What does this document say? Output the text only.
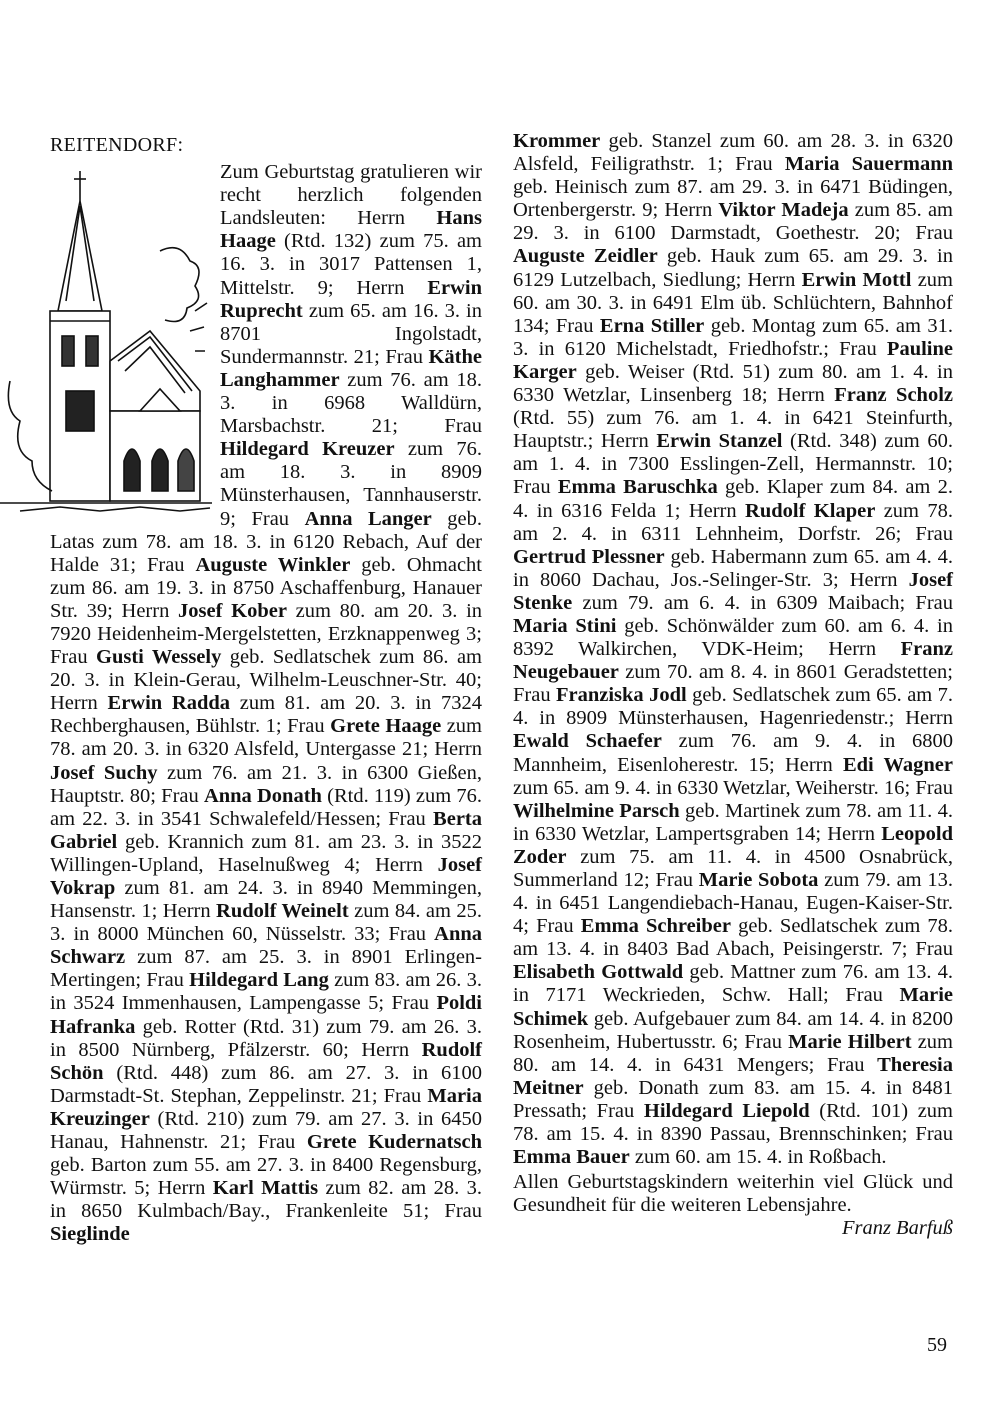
REITENDORF:

Zum Geburtstag gratulieren wir recht herzlich folgenden Landsleuten: Herrn Hans Haage (Rtd. 132) zum 75. am 16. 3. in 3017 Pattensen 1, Mittelstr. 9; Herrn Erwin Ruprecht zum 65. am 16. 3. in 8701 Ingolstadt, Sundermannstr. 21; Frau Käthe Langhammer zum 76. am 18. 3. in 6968 Walldürn, Marsbachstr. 21; Frau Hildegard Kreuzer zum 76. am 18. 3. in 8909 Münsterhausen, Tannhauserstr. 9; Frau Anna Langer geb. Latas zum 78. am 18. 3. in 6120 Rebach, Auf der Halde 31; Frau Auguste Winkler geb. Ohmacht zum 86. am 19. 3. in 8750 Aschaffenburg, Hanauer Str. 39; Herrn Josef Kober zum 80. am 20. 3. in 7920 Heidenheim-Mergelstetten, Erzknappenweg 3; Frau Gusti Wessely geb. Sedlatschek zum 86. am 20. 3. in Klein-Gerau, Wilhelm-Leuschner-Str. 40; Herrn Erwin Radda zum 81. am 20. 3. in 7324 Rechberghausen, Bühlstr. 1; Frau Grete Haage zum 78. am 20. 3. in 6320 Alsfeld, Untergasse 21; Herrn Josef Suchy zum 76. am 21. 3. in 6300 Gießen, Hauptstr. 80; Frau Anna Donath (Rtd. 119) zum 76. am 22. 3. in 3541 Schwalefeld/Hessen; Frau Berta Gabriel geb. Krannich zum 81. am 23. 3. in 3522 Willingen-Upland, Haselnußweg 4; Herrn Josef Vokrap zum 81. am 24. 3. in 8940 Memmingen, Hansenstr. 1; Herrn Rudolf Weinelt zum 84. am 25. 3. in 8000 München 60, Nüsselstr. 33; Frau Anna Schwarz zum 87. am 25. 3. in 8901 Erlingen-Mertingen; Frau Hildegard Lang zum 83. am 26. 3. in 3524 Immenhausen, Lampengasse 5; Frau Poldi Hafranka geb. Rotter (Rtd. 31) zum 79. am 26. 3. in 8500 Nürnberg, Pfälzerstr. 60; Herrn Rudolf Schön (Rtd. 448) zum 86. am 27. 3. in 6100 Darmstadt-St. Stephan, Zeppelinstr. 21; Frau Maria Kreuzinger (Rtd. 210) zum 79. am 27. 3. in 6450 Hanau, Hahnenstr. 21; Frau Grete Kudernatsch geb. Barton zum 55. am 27. 3. in 8400 Regensburg, Würmstr. 5; Herrn Karl Mattis zum 82. am 28. 3. in 8650 Kulmbach/Bay., Frankenleite 51; Frau Sieglinde

Krommer geb. Stanzel zum 60. am 28. 3. in 6320 Alsfeld, Feiligrathstr. 1; Frau Maria Sauermann geb. Heinisch zum 87. am 29. 3. in 6471 Büdingen, Ortenbergerstr. 9; Herrn Viktor Madeja zum 85. am 29. 3. in 6100 Darmstadt, Goethestr. 20; Frau Auguste Zeidler geb. Hauk zum 65. am 29. 3. in 6129 Lutzelbach, Siedlung; Herrn Erwin Mottl zum 60. am 30. 3. in 6491 Elm üb. Schlüchtern, Bahnhof 134; Frau Erna Stiller geb. Montag zum 65. am 31. 3. in 6120 Michelstadt, Friedhofstr.; Frau Pauline Karger geb. Weiser (Rtd. 51) zum 80. am 1. 4. in 6330 Wetzlar, Linsenberg 18; Herrn Franz Scholz (Rtd. 55) zum 76. am 1. 4. in 6421 Steinfurth, Hauptstr.; Herrn Erwin Stanzel (Rtd. 348) zum 60. am 1. 4. in 7300 Esslingen-Zell, Hermannstr. 10; Frau Emma Baruschka geb. Klaper zum 84. am 2. 4. in 6316 Felda 1; Herrn Rudolf Klaper zum 78. am 2. 4. in 6311 Lehnheim, Dorfstr. 26; Frau Gertrud Plessner geb. Habermann zum 65. am 4. 4. in 8060 Dachau, Jos.-Selinger-Str. 3; Herrn Josef Stenke zum 79. am 6. 4. in 6309 Maibach; Frau Maria Stini geb. Schönwälder zum 60. am 6. 4. in 8392 Walkirchen, VDK-Heim; Herrn Franz Neugebauer zum 70. am 8. 4. in 8601 Geradstetten; Frau Franziska Jodl geb. Sedlatschek zum 65. am 7. 4. in 8909 Münsterhausen, Hagenriedenstr.; Herrn Ewald Schaefer zum 76. am 9. 4. in 6800 Mannheim, Eisenloherestr. 15; Herrn Edi Wagner zum 65. am 9. 4. in 6330 Wetzlar, Weiherstr. 16; Frau Wilhelmine Parsch geb. Martinek zum 78. am 11. 4. in 6330 Wetzlar, Lampertsgraben 14; Herrn Leopold Zoder zum 75. am 11. 4. in 4500 Osnabrück, Summerland 12; Frau Marie Sobota zum 79. am 13. 4. in 6451 Langendiebach-Hanau, Eugen-Kaiser-Str. 4; Frau Emma Schreiber geb. Sedlatschek zum 78. am 13. 4. in 8403 Bad Abach, Peisingerstr. 7; Frau Elisabeth Gottwald geb. Mattner zum 76. am 13. 4. in 7171 Weckrieden, Schw. Hall; Frau Marie Schimek geb. Aufgebauer zum 84. am 14. 4. in 8200 Rosenheim, Hubertusstr. 6; Frau Marie Hilbert zum 80. am 14. 4. in 6431 Mengers; Frau Theresia Meitner geb. Donath zum 83. am 15. 4. in 8481 Pressath; Frau Hildegard Liepold (Rtd. 101) zum 78. am 15. 4. in 8390 Passau, Brennschinken; Frau Emma Bauer zum 60. am 15. 4. in Roßbach.

Allen Geburtstagskindern weiterhin viel Glück und Gesundheit für die weiteren Lebensjahre.

Franz Barfuß

59
